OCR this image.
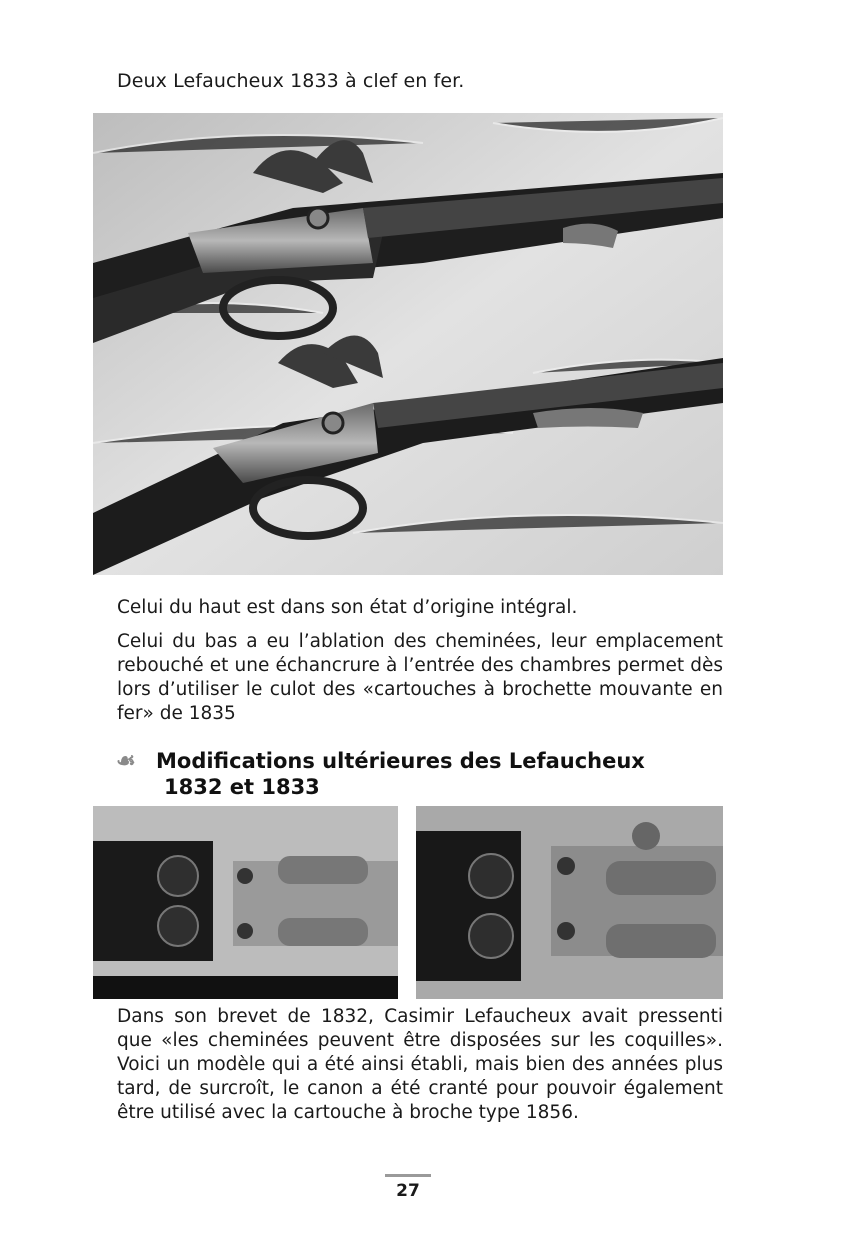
Deux Lefaucheux 1833 à clef en fer.

Celui du haut est dans son état d’origine intégral.

Celui du bas a eu l’ablation des cheminées, leur emplacement rebouché et une échancrure à l’entrée des chambres permet dès lors d’utiliser le culot des «cartouches à brochette mouvante en fer» de 1835

☙ Modifications ultérieures des Lefaucheux
1832 et 1833

Dans son brevet de 1832, Casimir Lefaucheux avait pressenti que «les cheminées peuvent être disposées sur les coquilles». Voici un modèle qui a été ainsi établi, mais bien des années plus tard, de surcroît, le canon a été cranté pour pouvoir également être utilisé avec la cartouche à broche type 1856.

27
